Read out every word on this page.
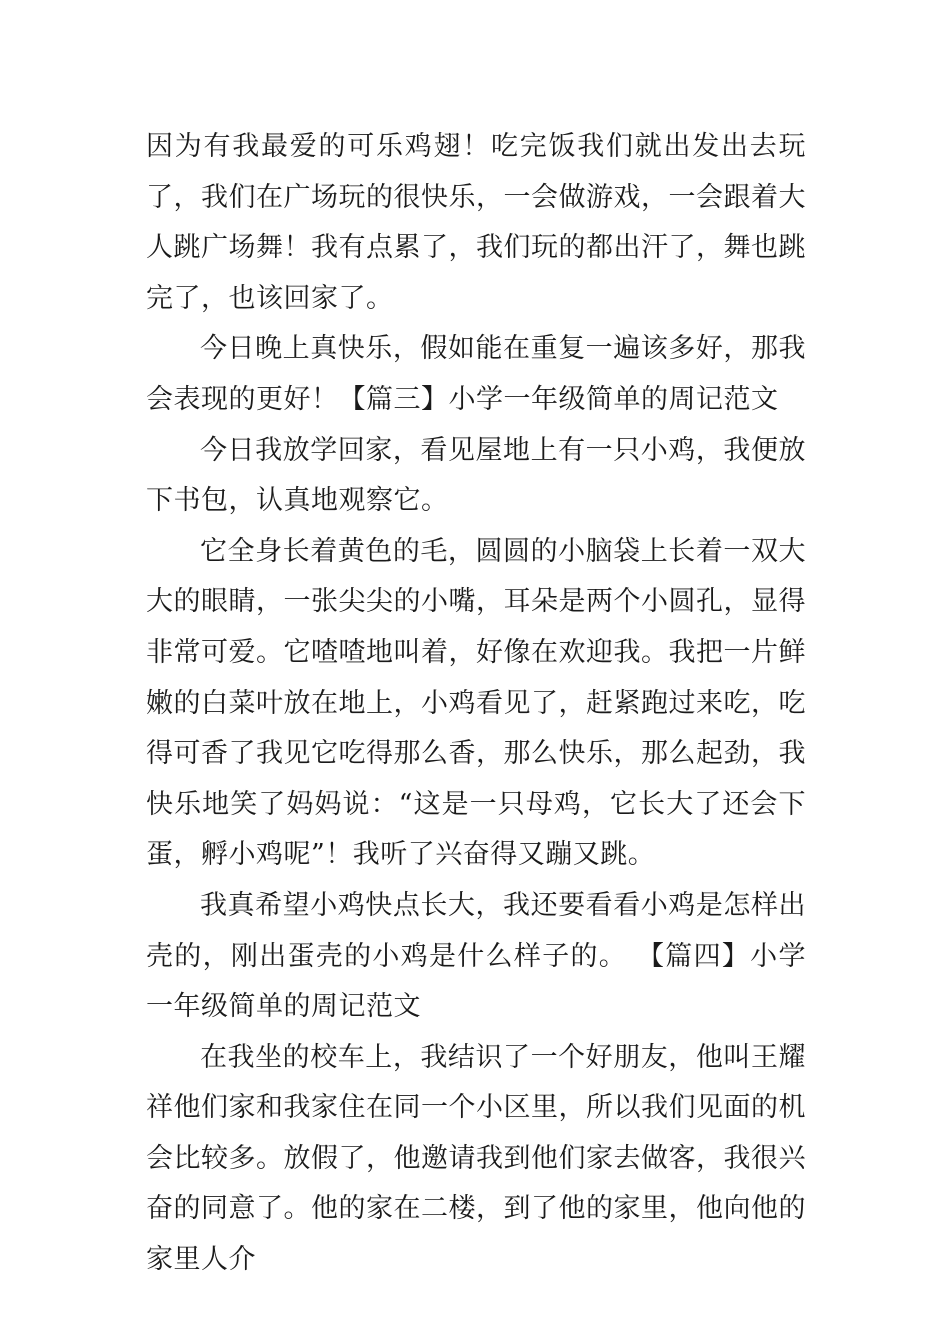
因为有我最爱的可乐鸡翅！吃完饭我们就出发出去玩了，我们在广场玩的很快乐，一会做游戏，一会跟着大人跳广场舞！我有点累了，我们玩的都出汗了，舞也跳完了，也该回家了。

今日晚上真快乐，假如能在重复一遍该多好，那我会表现的更好！【篇三】小学一年级简单的周记范文

今日我放学回家，看见屋地上有一只小鸡，我便放下书包，认真地观察它。

它全身长着黄色的毛，圆圆的小脑袋上长着一双大大的眼睛，一张尖尖的小嘴，耳朵是两个小圆孔，显得非常可爱。它喳喳地叫着，好像在欢迎我。我把一片鲜嫩的白菜叶放在地上，小鸡看见了，赶紧跑过来吃，吃得可香了我见它吃得那么香，那么快乐，那么起劲，我快乐地笑了妈妈说：“这是一只母鸡，它长大了还会下蛋，孵小鸡呢”！我听了兴奋得又蹦又跳。

我真希望小鸡快点长大，我还要看看小鸡是怎样出壳的，刚出蛋壳的小鸡是什么样子的。 【篇四】小学一年级简单的周记范文

在我坐的校车上，我结识了一个好朋友，他叫王耀祥他们家和我家住在同一个小区里，所以我们见面的机会比较多。放假了，他邀请我到他们家去做客，我很兴奋的同意了。他的家在二楼，到了他的家里，他向他的家里人介
